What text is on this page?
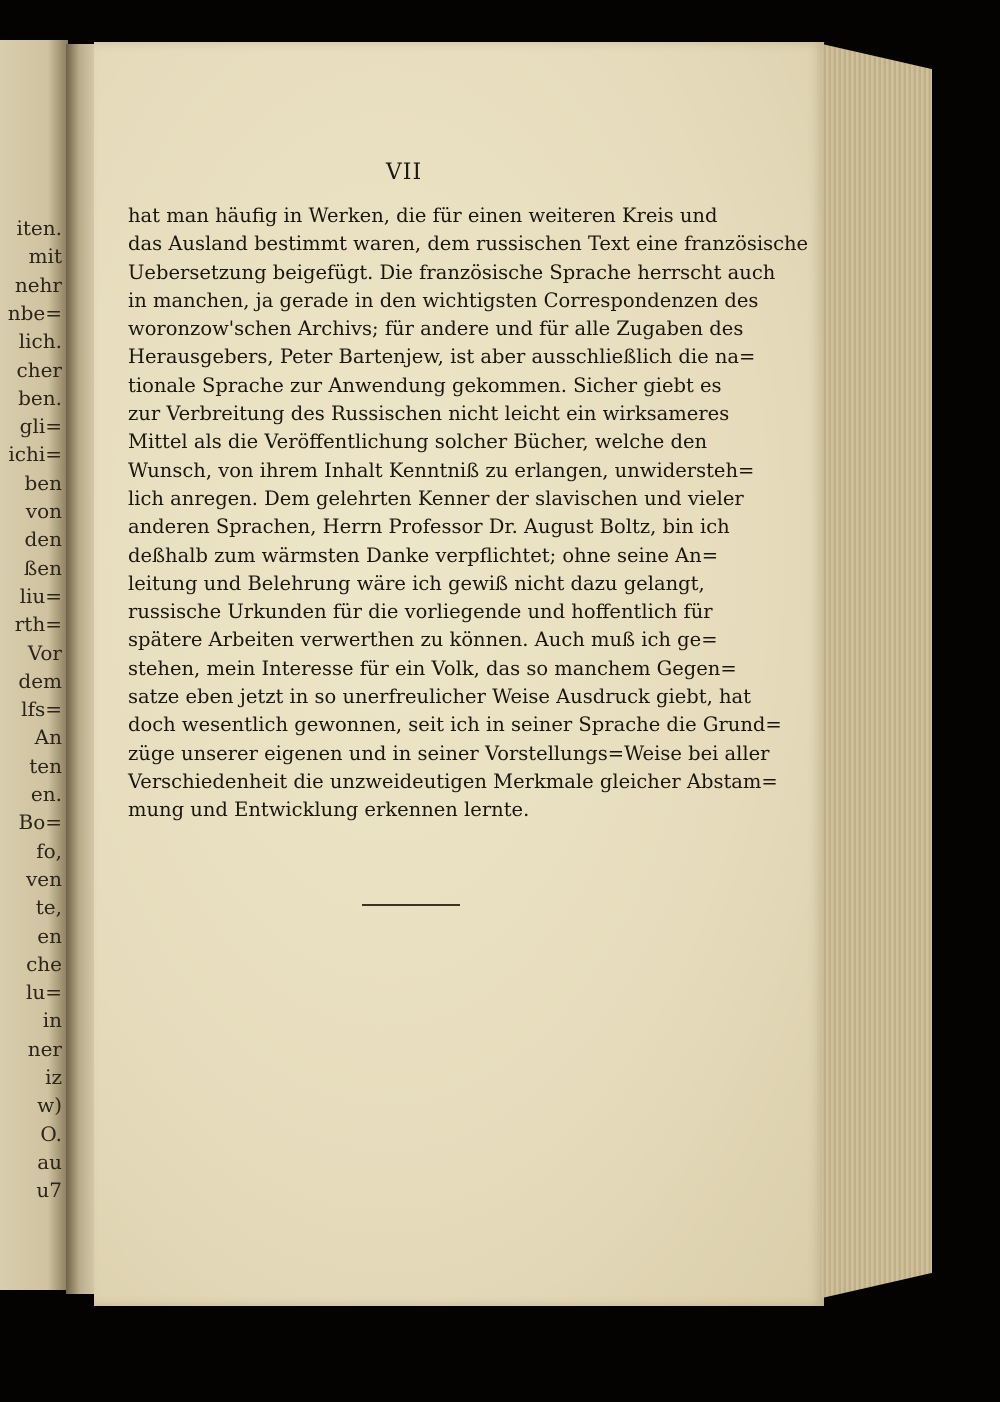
iten.
mit
nehr
nbe=
lich.
cher
ben.
gli=
ichi=
ben
von
den
ßen
liu=
rth=
Vor
dem
lfs=
An
ten
en.
Bo=
fo,
ven
te,
en
che
lu=
in
ner
iz
w)
O.
au
u7
VII
hat man häufig in Werken, die für einen weiteren Kreis und
das Ausland bestimmt waren, dem russischen Text eine französische
Uebersetzung beigefügt. Die französische Sprache herrscht auch
in manchen, ja gerade in den wichtigsten Correspondenzen des
woronzow'schen Archivs; für andere und für alle Zugaben des
Herausgebers, Peter Bartenjew, ist aber ausschließlich die na=
tionale Sprache zur Anwendung gekommen. Sicher giebt es
zur Verbreitung des Russischen nicht leicht ein wirksameres
Mittel als die Veröffentlichung solcher Bücher, welche den
Wunsch, von ihrem Inhalt Kenntniß zu erlangen, unwidersteh=
lich anregen. Dem gelehrten Kenner der slavischen und vieler
anderen Sprachen, Herrn Professor Dr. August Boltz, bin ich
deßhalb zum wärmsten Danke verpflichtet; ohne seine An=
leitung und Belehrung wäre ich gewiß nicht dazu gelangt,
russische Urkunden für die vorliegende und hoffentlich für
spätere Arbeiten verwerthen zu können. Auch muß ich ge=
stehen, mein Interesse für ein Volk, das so manchem Gegen=
satze eben jetzt in so unerfreulicher Weise Ausdruck giebt, hat
doch wesentlich gewonnen, seit ich in seiner Sprache die Grund=
züge unserer eigenen und in seiner Vorstellungs=Weise bei aller
Verschiedenheit die unzweideutigen Merkmale gleicher Abstam=
mung und Entwicklung erkennen lernte.
